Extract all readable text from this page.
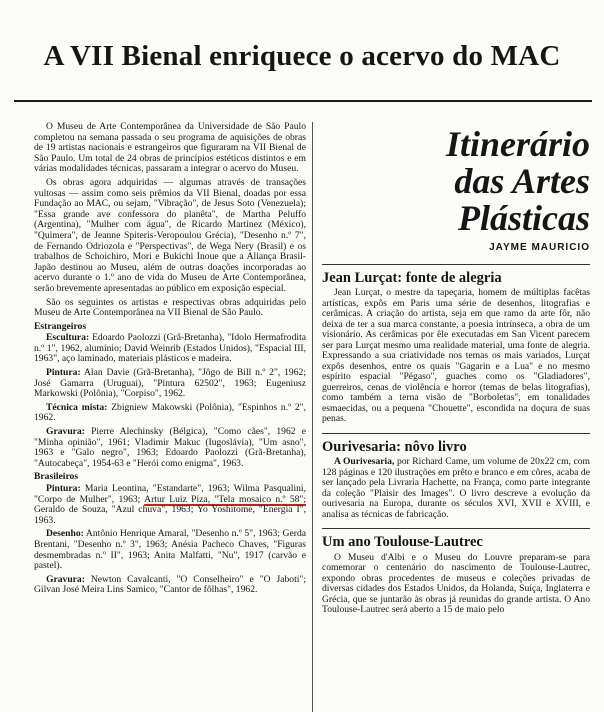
A VII Bienal enriquece o acervo do MAC

O Museu de Arte Contemporânea da Universidade de São Paulo completou na semana passada o seu programa de aquisições de obras de 19 artistas nacionais e estrangeiros que figuraram na VII Bienal de São Paulo. Um total de 24 obras de princípios estéticos distintos e em várias modalidades técnicas, passaram a integrar o acervo do Museu.

Os obras agora adquiridas — algumas através de transações vultosas — assim como seis prêmios da VII Bienal, doadas por essa Fundação ao MAC, ou sejam, "Vibração", de Jesus Soto (Venezuela); "Essa grande ave confessora do planêta", de Martha Peluffo (Argentina), "Mulher com água", de Ricardo Martinez (México), "Quimera", de Jeanne Spiteris-Veropoulou Grécia), "Desenho n.º 7", de Fernando Odriozola e "Perspectivas", de Wega Nery (Brasil) e os trabalhos de Schoichiro, Mori e Bukichi Inoue que a Aliança Brasil-Japão destinou ao Museu, além de outras doações incorporadas ao acervo durante o 1.º ano de vida do Museu de Arte Contemporânea, serão brevemente apresentadas ao público em exposição especial.

São os seguintes os artistas e respectivas obras adquiridas pelo Museu de Arte Contemporânea na VII Bienal de São Paulo.

Estrangeiros

Escultura: Edoardo Paolozzi (Grã-Bretanha), "Idolo Hermafrodita n.º 1", 1962, alumínio; David Weinrib (Estados Unidos), "Espacial III, 1963", aço laminado, materiais plásticos e madeira.

Pintura: Alan Davie (Grã-Bretanha), "Jôgo de Bill n.º 2", 1962; José Gamarra (Uruguai), "Pintura 62502", 1963; Eugeniusz Markowski (Polônia), "Corpiso", 1962.

Técnica mista: Zbigniew Makowski (Polônia), "Espinhos n.º 2", 1962.

Gravura: Pierre Alechinsky (Bélgica), "Como cães", 1962 e "Minha opinião", 1961; Vladimir Makuc (Iugoslávia), "Um asno", 1963 e "Galo negro", 1963; Edoardo Paolozzi (Grã-Bretanha), "Autocabeça", 1954-63 e "Herói como enigma", 1963.

Brasileiros

Pintura: Maria Leontina, "Estandarte", 1963; Wilma Pasqualini, "Corpo de Mulher", 1963; Artur Luiz Piza, "Tela mosaico n.º 58"; Geraldo de Souza, "Azul chuva", 1963; Yo Yoshitome, "Energia I", 1963.

Desenho: Antônio Henrique Amaral, "Desenho n.º 5", 1963; Gerda Brentani, "Desenho n.º 3", 1963; Anésia Pacheco Chaves, "Figuras desmembradas n.º II", 1963; Anita Malfatti, "Nu", 1917 (carvão e pastel).

Gravura: Newton Cavalcanti, "O Conselheiro" e "O Jaboti"; Gilvan José Meira Lins Samico, "Cantor de fôlhas", 1962.

Itinerário
das Artes
Plásticas
JAYME MAURICIO
Jean Lurçat: fonte de alegria

Jean Lurçat, o mestre da tapeçaria, homem de múltiplas facêtas artísticas, expôs em Paris uma série de desenhos, litografias e cerâmicas. A criação do artista, seja em que ramo da arte fôr, não deixa de ter a sua marca constante, a poesia intrínseca, a obra de um visionário. As cerâmicas por êle executadas em San Vicent parecem ser para Lurçat mesmo uma realidade material, uma fonte de alegria. Expressando a sua criatividade nos temas os mais variados, Lurçat expôs desenhos, entre os quais "Gagarin e a Lua" e no mesmo espírito espacial "Pégaso", guaches como os "Gladiadores", guerreiros, cenas de violência e horror (temas de belas litografias), como também a terna visão de "Borboletas", em tonalidades esmaecidas, ou a pequena "Chouette", escondida na doçura de suas penas.

Ourivesaria: nôvo livro

A Ourivesaria, por Richard Came, um volume de 20x22 cm, com 128 páginas e 120 ilustrações em prêto e branco e em côres, acaba de ser lançado pela Livraria Hachette, na França, como parte integrante da coleção "Plaisir des Images". O livro descreve a evolução da ourivesaria na Europa, durante os séculos XVI, XVII e XVIII, e analisa as técnicas de fabricação.

Um ano Toulouse-Lautrec

O Museu d'Albi e o Museu do Louvre preparam-se para comemorar o centenário do nascimento de Toulouse-Lautrec, expondo obras procedentes de museus e coleções privadas de diversas cidades dos Estados Unidos, da Holanda, Suíça, Inglaterra e Grécia, que se juntarão às obras já reunidas do grande artista. O Ano Toulouse-Lautrec será aberto a 15 de maio pelo
